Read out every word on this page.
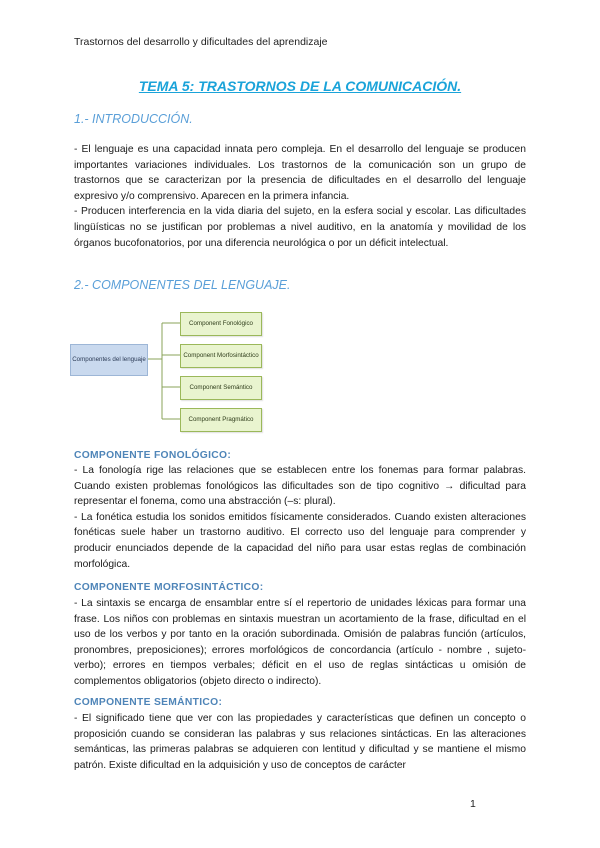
Trastornos del desarrollo y dificultades del aprendizaje
TEMA 5: TRASTORNOS DE LA COMUNICACIÓN.
1.- INTRODUCCIÓN.

- El lenguaje es una capacidad innata pero compleja. En el desarrollo del lenguaje se producen importantes variaciones individuales. Los trastornos de la comunicación son un grupo de trastornos que se caracterizan por la presencia de dificultades en el desarrollo del lenguaje expresivo y/o comprensivo. Aparecen en la primera infancia.

- Producen interferencia en la vida diaria del sujeto, en la esfera social y escolar. Las dificultades lingüísticas no se justifican por problemas a nivel auditivo, en la anatomía y movilidad de los órganos bucofonatorios, por una diferencia neurológica o por un déficit intelectual.

2.- COMPONENTES DEL LENGUAJE.
Componentes del lenguaje
Component Fonológico
Component Morfosintáctico
Component Semántico
Component Pragmático
COMPONENTE FONOLÓGICO:

- La fonología rige las relaciones que se establecen entre los fonemas para formar palabras. Cuando existen problemas fonológicos las dificultades son de tipo cognitivo → dificultad para representar el fonema, como una abstracción (–s: plural).

- La fonética estudia los sonidos emitidos físicamente considerados. Cuando existen alteraciones fonéticas suele haber un trastorno auditivo. El correcto uso del lenguaje para comprender y producir enunciados depende de la capacidad del niño para usar estas reglas de combinación morfológica.

COMPONENTE MORFOSINTÁCTICO:

- La sintaxis se encarga de ensamblar entre sí el repertorio de unidades léxicas para formar una frase. Los niños con problemas en sintaxis muestran un acortamiento de la frase, dificultad en el uso de los verbos y por tanto en la oración subordinada. Omisión de palabras función (artículos, pronombres, preposiciones); errores morfológicos de concordancia (artículo - nombre , sujeto-verbo); errores en tiempos verbales; déficit en el uso de reglas sintácticas u omisión de complementos obligatorios (objeto directo o indirecto).

COMPONENTE SEMÁNTICO:

- El significado tiene que ver con las propiedades y características que definen un concepto o proposición cuando se consideran las palabras y sus relaciones sintácticas. En las alteraciones semánticas, las primeras palabras se adquieren con lentitud y dificultad y se mantiene el mismo patrón. Existe dificultad en la adquisición y uso de conceptos de carácter

1
